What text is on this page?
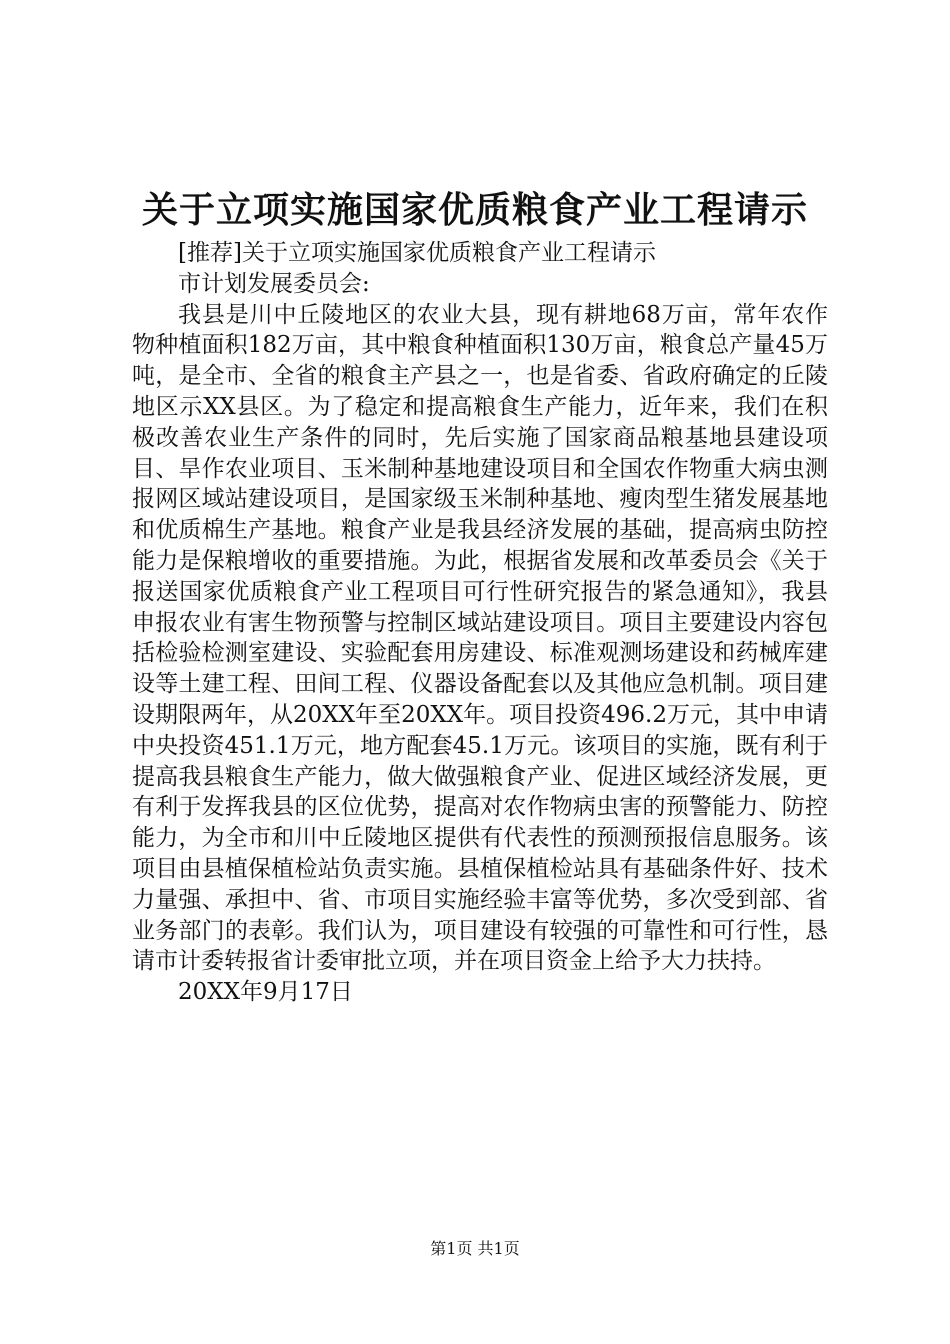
关于立项实施国家优质粮食产业工程请示

[推荐]关于立项实施国家优质粮食产业工程请示

市计划发展委员会:

我县是川中丘陵地区的农业大县，现有耕地68万亩，常年农作物种植面积182万亩，其中粮食种植面积130万亩，粮食总产量45万吨，是全市、全省的粮食主产县之一，也是省委、省政府确定的丘陵地区示XX县区。为了稳定和提高粮食生产能力，近年来，我们在积极改善农业生产条件的同时，先后实施了国家商品粮基地县建设项目、旱作农业项目、玉米制种基地建设项目和全国农作物重大病虫测报网区域站建设项目，是国家级玉米制种基地、瘦肉型生猪发展基地和优质棉生产基地。粮食产业是我县经济发展的基础，提高病虫防控能力是保粮增收的重要措施。为此，根据省发展和改革委员会《关于报送国家优质粮食产业工程项目可行性研究报告的紧急通知》，我县申报农业有害生物预警与控制区域站建设项目。项目主要建设内容包括检验检测室建设、实验配套用房建设、标准观测场建设和药械库建设等土建工程、田间工程、仪器设备配套以及其他应急机制。项目建设期限两年，从20XX年至20XX年。项目投资496.2万元，其中申请中央投资451.1万元，地方配套45.1万元。该项目的实施，既有利于提高我县粮食生产能力，做大做强粮食产业、促进区域经济发展，更有利于发挥我县的区位优势，提高对农作物病虫害的预警能力、防控能力，为全市和川中丘陵地区提供有代表性的预测预报信息服务。该项目由县植保植检站负责实施。县植保植检站具有基础条件好、技术力量强、承担中、省、市项目实施经验丰富等优势，多次受到部、省业务部门的表彰。我们认为，项目建设有较强的可靠性和可行性，恳请市计委转报省计委审批立项，并在项目资金上给予大力扶持。

20XX年9月17日

第1页 共1页
